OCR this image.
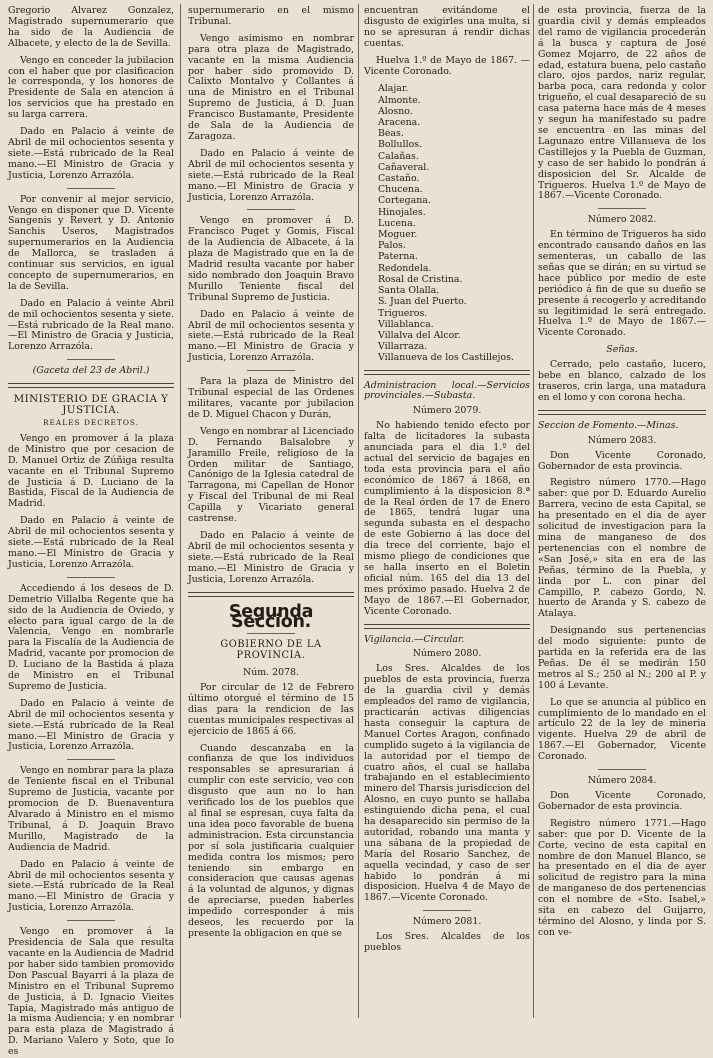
Gregorio Alvarez Gonzalez, Magistrado supernumerario que ha sido de la Audiencia de Albacete, y electo de la de Sevilla.

Vengo en conceder la jubilacion con el haber que por clasificacion le corresponda, y los honores de Presidente de Sala en atencion á los servicios que ha prestado en su larga carrera.

Dado en Palacio á veinte de Abril de mil ochocientos sesenta y siete.—Está rubricado de la Real mano.—El Ministro de Gracia y Justicia, Lorenzo Arrazóla.

Por convenir al mejor servicio, Vengo en disponer que D. Vicente Sangenis y Revert y D. Antonio Sanchis Useros, Magistrados supernumerarios en la Audiencia de Mallorca, se trasladen á continuar sus servicios, en igual concepto de supernumerarios, en la de Sevilla.

Dado en Palacio á veinte Abril de mil ochocientos sesenta y siete.—Está rubricado de la Real mano.—El Ministro de Gracia y Justicia, Lorenzo Arrazóla.

(Gaceta del 23 de Abril.)

MINISTERIO DE GRACIA Y JUSTICIA.

REALES DECRETOS.

Vengo en promover á la plaza de Ministro que por cesacion de D. Manuel Ortiz de Zúñiga resulta vacante en el Tribunal Supremo de Justicia á D. Luciano de la Bastida, Fiscal de la Audiencia de Madrid.

Dado en Palacio á veinte de Abril de mil ochocientos sesenta y siete.—Está rubricado de la Real mano.—El Ministro de Gracia y Justicia, Lorenzo Arrazóla.

Accediendo á los deseos de D. Demetrio Villalba Regente que ha sido de la Audiencia de Oviedo, y electo para igual cargo de la de Valencia, Vengo en nombrarle para la Fiscalía de la Audiencia de Madrid, vacante por promocion de D. Luciano de la Bastida á plaza de Ministro en el Tribunal Supremo de Justicia.

Dado en Palacio á veinte de Abril de mil ochocientos sesenta y siete.—Está rubricado de la Real mano.—El Ministro de Gracia y Justicia, Lorenzo Arrazóla.

Vengo en nombrar para la plaza de Teniente fiscal en el Tribunal Supremo de Justicia, vacante por promocion de D. Buenaventura Alvarado á Ministro en el mismo Tribunal, á D. Joaquin Bravo Murillo, Magistrado de la Audiencia de Madrid.

Dado en Palacio á veinte de Abril de mil ochocientos sesenta y siete.—Está rubricado de la Real mano.—El Ministro de Gracia y Justicia, Lorenzo Arrazóla.

Vengo en promover á la Presidencia de Sala que resulta vacante en la Audiencia de Madrid por haber sido tambien promovido Don Pascual Bayarri á la plaza de Ministro en el Tribunal Supremo de Justicia, á D. Ignacio Vieites Tapia, Magistrado más antiguo de la misma Audiencia; y en nombrar para esta plaza de Magistrado á D. Mariano Valero y Soto, que lo es

supernumerario en el mismo Tribunal.

Vengo asimismo en nombrar para otra plaza de Magistrado, vacante en la misma Audiencia por haber sido promovido D. Calixto Montalvo y Collantes á una de Ministro en el Tribunal Supremo de Justicia, á D. Juan Francisco Bustamante, Presidente de Sala de la Audiencia de Zaragoza.

Dado en Palacio á veinte de Abril de mil ochocientos sesenta y siete.—Está rubricado de la Real mano.—El Ministro de Gracia y Justicia, Lorenzo Arrazóla.

Vengo en promover á D. Francisco Puget y Gomis, Fiscal de la Audiencia de Albacete, á la plaza de Magistrado que en la de Madrid resulta vacante por haber sido nombrado don Joaquin Bravo Murillo Teniente fiscal del Tribunal Supremo de Justicia.

Dado en Palacio á veinte de Abril de mil ochocientos sesenta y siete.—Está rubricado de la Real mano.—El Ministro de Gracia y Justicia, Lorenzo Arrazóla.

Para la plaza de Ministro del Tribunal especial de las Ordenes militares, vacante por jubilacion de D. Miguel Chacon y Durán,

Vengo en nombrar al Licenciado D. Fernando Balsalobre y Jaramillo Freile, religioso de la Orden militar de Santiago, Canónigo de la Iglesia catedral de Tarragona, mi Capellan de Honor y Fiscal del Tribunal de mi Real Capilla y Vicariato general castrense.

Dado en Palacio á veinte de Abril de mil ochocientos sesenta y siete.—Está rubricado de la Real mano.—El Ministro de Gracia y Justicia, Lorenzo Arrazóla.

Segunda Seccion.
GOBIERNO DE LA PROVINCIA.

Núm. 2078.

Por circular de 12 de Febrero último otorgué el término de 15 dias para la rendicion de las cuentas municipales respectivas al ejercicio de 1865 á 66.

Cuando descanzaba en la confianza de que los individuos responsables se apresurarian á cumplir con este servicio, veo con disgusto que aun no lo han verificado los de los pueblos que al final se espresan, cuya falta da una idea poco favorable de buena administracion. Esta circunstancia por sí sola justificaria cualquier medida contra los mismos; pero teniendo sin embargo en consideracion que causas agenas á la voluntad de algunos, y dignas de apreciarse, pueden haberles impedido corresponder á mis deseos, les recuerdo por la presente la obligacion en que se

encuentran evitándome el disgusto de exigirles una multa, si no se apresuran á rendir dichas cuentas.

Huelva 1.º de Mayo de 1867. —Vicente Coronado.

Alajar.
Almonte.
Alosno.
Aracena.
Beas.
Bollullos.
Calañas.
Cañaveral.
Castaño.
Chucena.
Cortegana.
Hinojales.
Lucena.
Moguer.
Palos.
Paterna.
Redondela.
Rosal de Cristina.
Santa Olalla.
S. Juan del Puerto.
Trigueros.
Villablanca.
Villalva del Alcor.
Villarraza.
Villanueva de los Castillejos.

Administracion local.—Servicios provinciales.—Subasta.

Número 2079.

No habiendo tenido efecto por falta de licitadores la subasta anunciada para el dia 1.º del actual del servicio de bagajes en toda esta provincia para el año económico de 1867 á 1868, en cumplimiento á la disposicion 8.ª de la Real órden de 17 de Enero de 1865, tendrá lugar una segunda subasta en el despacho de este Gobierno á las doce del dia trece del corriente, bajo el mismo pliego de condiciones que se halla inserto en el Boletin oficial núm. 165 del dia 13 del mes próximo pasado. Huelva 2 de Mayo de 1867.—El Gobernador, Vicente Coronado.

Vigilancia.—Circular.

Número 2080.

Los Sres. Alcaldes de los pueblos de esta provincia, fuerza de la guardia civil y demás empleados del ramo de vigilancia, practicarán activas diligencias hasta conseguir la captura de Manuel Cortes Aragon, confinado cumplido sugeto á la vigilancia de la autoridad por el tiempo de cuatro años, el cual se hallaba trabajando en el establecimiento minero del Tharsis jurisdiccion del Alosno, en cuyo punto se hallaba estinguiendo dicha pena, el cual ha desaparecido sin permiso de la autoridad, robando una manta y una sábana de la propiedad de María del Rosario Sanchez, de aquella vecindad, y caso de ser habido lo pondrán á mi disposicion. Huelva 4 de Mayo de 1867.—Vicente Coronado.

Número 2081.

Los Sres. Alcaldes de los pueblos

de esta provincia, fuerza de la guardia civil y demás empleados del ramo de vigilancia procederán á la busca y captura de José Gomez Mojarro, de 22 años de edad, estatura buena, pelo castaño claro, ojos pardos, nariz regular, barba poca, cara redonda y color trigueño, el cual desapareció de su casa paterna hace más de 4 meses y segun ha manifestado su padre se encuentra en las minas del Lagunazo entre Villanueva de los Castillejos y la Puebla de Guzman, y caso de ser habido lo pondrán á disposicion del Sr. Alcalde de Trigueros. Huelva 1.º de Mayo de 1867.—Vicente Coronado.

Número 2082.

En término de Trigueros ha sido encontrado causando daños en las sementeras, un caballo de las señas que se dirán; en su virtud se hace público por medio de este periódico á fin de que su dueño se presente á recogerlo y acreditando su legitimidad le será entregado. Huelva 1.º de Mayo de 1867.—Vicente Coronado.

Señas.

Cerrado, pelo castaño, lucero, bebe en blanco, calzado de los traseros, crin larga, una matadura en el lomo y con corona hecha.

Seccion de Fomento.—Minas.

Número 2083.

Don Vicente Coronado, Gobernador de esta provincia.

Registro número 1770.—Hago saber: que por D. Eduardo Aurelio Barrera, vecino de esta Capital, se ha presentado en el dia de ayer solicitud de investigacion para la mina de manganeso de dos pertenencias con el nombre de «San José,» sita en era de las Peñas, término de la Puebla, y linda por L. con pinar del Campillo, P. cabezo Gordo, N. huerto de Aranda y S. cabezo de Atalaya.

Designando sus pertenencias del modo siguiente: punto de partida en la referida era de las Peñas. De él se medirán 150 metros al S.; 250 al N.; 200 al P. y 100 á Levante.

Lo que se anuncia al público en cumplimiento de lo mandado en el artículo 22 de la ley de mineria vigente. Huelva 29 de abril de 1867.—El Gobernador, Vicente Coronado.

Número 2084.

Don Vicente Coronado, Gobernador de esta provincia.

Registro número 1771.—Hago saber: que por D. Vicente de la Corte, vecino de esta capital en nombre de don Manuel Blanco, se ha presentado en el dia de ayer solicitud de registro para la mina de manganeso de dos pertenencias con el nombre de «Sto. Isabel,» sita en cabezo del Guijarro, término del Alosno, y linda por S. con ve-
